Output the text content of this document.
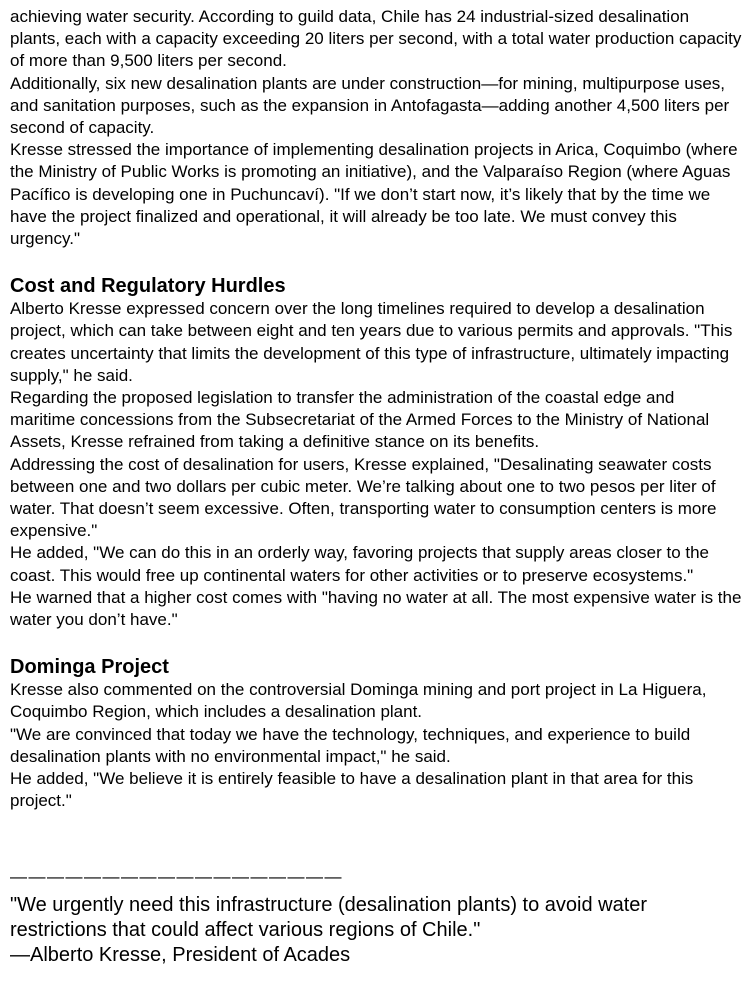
achieving water security. According to guild data, Chile has 24 industrial-sized desalination plants, each with a capacity exceeding 20 liters per second, with a total water production capacity of more than 9,500 liters per second.

Additionally, six new desalination plants are under construction—for mining, multipurpose uses, and sanitation purposes, such as the expansion in Antofagasta—adding another 4,500 liters per second of capacity.

Kresse stressed the importance of implementing desalination projects in Arica, Coquimbo (where the Ministry of Public Works is promoting an initiative), and the Valparaíso Region (where Aguas Pacífico is developing one in Puchuncaví). "If we don’t start now, it’s likely that by the time we have the project finalized and operational, it will already be too late. We must convey this urgency."

Cost and Regulatory Hurdles

Alberto Kresse expressed concern over the long timelines required to develop a desalination project, which can take between eight and ten years due to various permits and approvals. "This creates uncertainty that limits the development of this type of infrastructure, ultimately impacting supply," he said.

Regarding the proposed legislation to transfer the administration of the coastal edge and maritime concessions from the Subsecretariat of the Armed Forces to the Ministry of National Assets, Kresse refrained from taking a definitive stance on its benefits.

Addressing the cost of desalination for users, Kresse explained, "Desalinating seawater costs between one and two dollars per cubic meter. We’re talking about one to two pesos per liter of water. That doesn’t seem excessive. Often, transporting water to consumption centers is more expensive."

He added, "We can do this in an orderly way, favoring projects that supply areas closer to the coast. This would free up continental waters for other activities or to preserve ecosystems."

He warned that a higher cost comes with "having no water at all. The most expensive water is the water you don’t have."

Dominga Project

Kresse also commented on the controversial Dominga mining and port project in La Higuera, Coquimbo Region, which includes a desalination plant.

"We are convinced that today we have the technology, techniques, and experience to build desalination plants with no environmental impact," he said.

He added, "We believe it is entirely feasible to have a desalination plant in that area for this project."

——————————————————

"We urgently need this infrastructure (desalination plants) to avoid water restrictions that could affect various regions of Chile."

—Alberto Kresse, President of Acades
